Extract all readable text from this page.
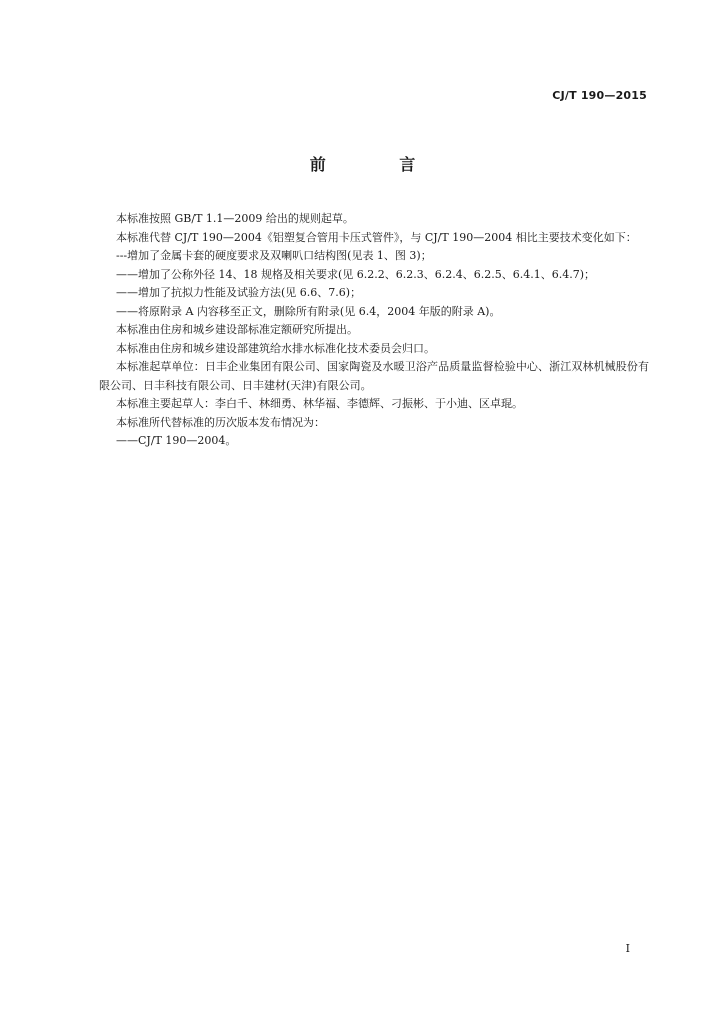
CJ/T 190—2015
前 言

本标准按照 GB/T 1.1—2009 给出的规则起草。

本标准代替 CJ/T 190—2004《铝塑复合管用卡压式管件》，与 CJ/T 190—2004 相比主要技术变化如下：

---增加了金属卡套的硬度要求及双喇叭口结构图(见表 1、图 3)；

——增加了公称外径 14、18 规格及相关要求(见 6.2.2、6.2.3、6.2.4、6.2.5、6.4.1、6.4.7)；

——增加了抗拟力性能及试验方法(见 6.6、7.6)；

——将原附录 A 内容移至正文，删除所有附录(见 6.4，2004 年版的附录 A)。

本标准由住房和城乡建设部标准定额研究所提出。

本标准由住房和城乡建设部建筑给水排水标准化技术委员会归口。

本标准起草单位：日丰企业集团有限公司、国家陶瓷及水暖卫浴产品质量监督检验中心、浙江双林机械股份有限公司、日丰科技有限公司、日丰建材(天津)有限公司。

本标准主要起草人：李白千、林细勇、林华福、李德辉、刁振彬、于小迪、区卓琨。

本标准所代替标准的历次版本发布情况为：

——CJ/T 190—2004。

I
